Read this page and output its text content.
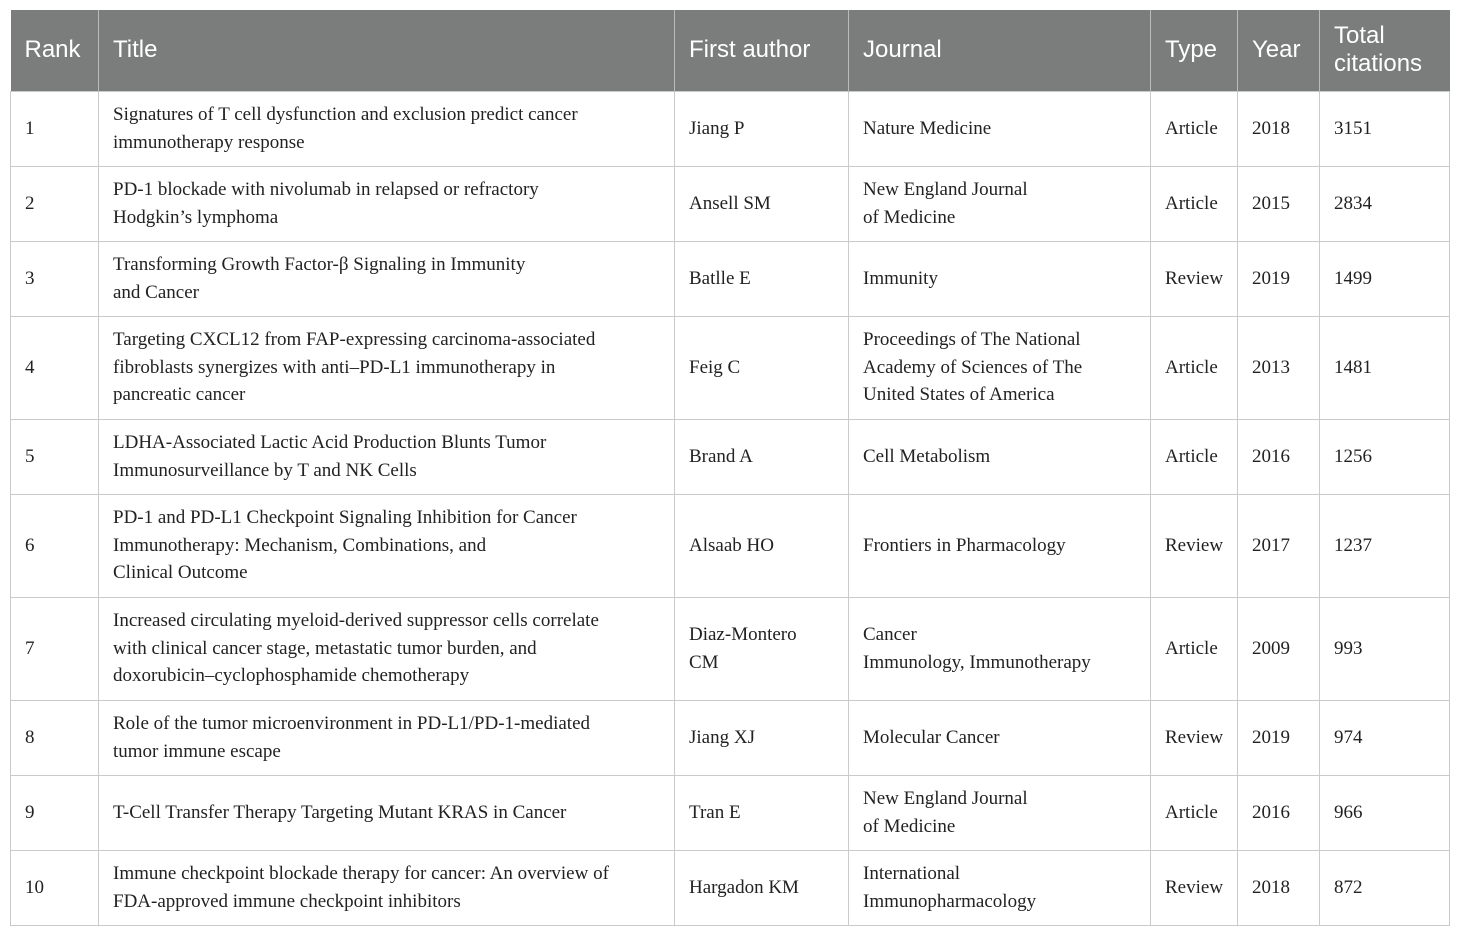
Rank	Title	First author	Journal	Type	Year	Total
citations

1	Signatures of T cell dysfunction and exclusion predict cancer
immunotherapy response	Jiang P	Nature Medicine	Article	2018	3151
2	PD-1 blockade with nivolumab in relapsed or refractory
Hodgkin’s lymphoma	Ansell SM	New England Journal
of Medicine	Article	2015	2834
3	Transforming Growth Factor-β Signaling in Immunity
and Cancer	Batlle E	Immunity	Review	2019	1499
4	Targeting CXCL12 from FAP-expressing carcinoma-associated
fibroblasts synergizes with anti–PD-L1 immunotherapy in
pancreatic cancer	Feig C	Proceedings of The National
Academy of Sciences of The
United States of America	Article	2013	1481
5	LDHA-Associated Lactic Acid Production Blunts Tumor
Immunosurveillance by T and NK Cells	Brand A	Cell Metabolism	Article	2016	1256
6	PD-1 and PD-L1 Checkpoint Signaling Inhibition for Cancer
Immunotherapy: Mechanism, Combinations, and
Clinical Outcome	Alsaab HO	Frontiers in Pharmacology	Review	2017	1237
7	Increased circulating myeloid-derived suppressor cells correlate
with clinical cancer stage, metastatic tumor burden, and
doxorubicin–cyclophosphamide chemotherapy	Diaz-Montero
CM	Cancer
Immunology, Immunotherapy	Article	2009	993
8	Role of the tumor microenvironment in PD-L1/PD-1-mediated
tumor immune escape	Jiang XJ	Molecular Cancer	Review	2019	974
9	T-Cell Transfer Therapy Targeting Mutant KRAS in Cancer	Tran E	New England Journal
of Medicine	Article	2016	966
10	Immune checkpoint blockade therapy for cancer: An overview of
FDA-approved immune checkpoint inhibitors	Hargadon KM	International
Immunopharmacology	Review	2018	872
